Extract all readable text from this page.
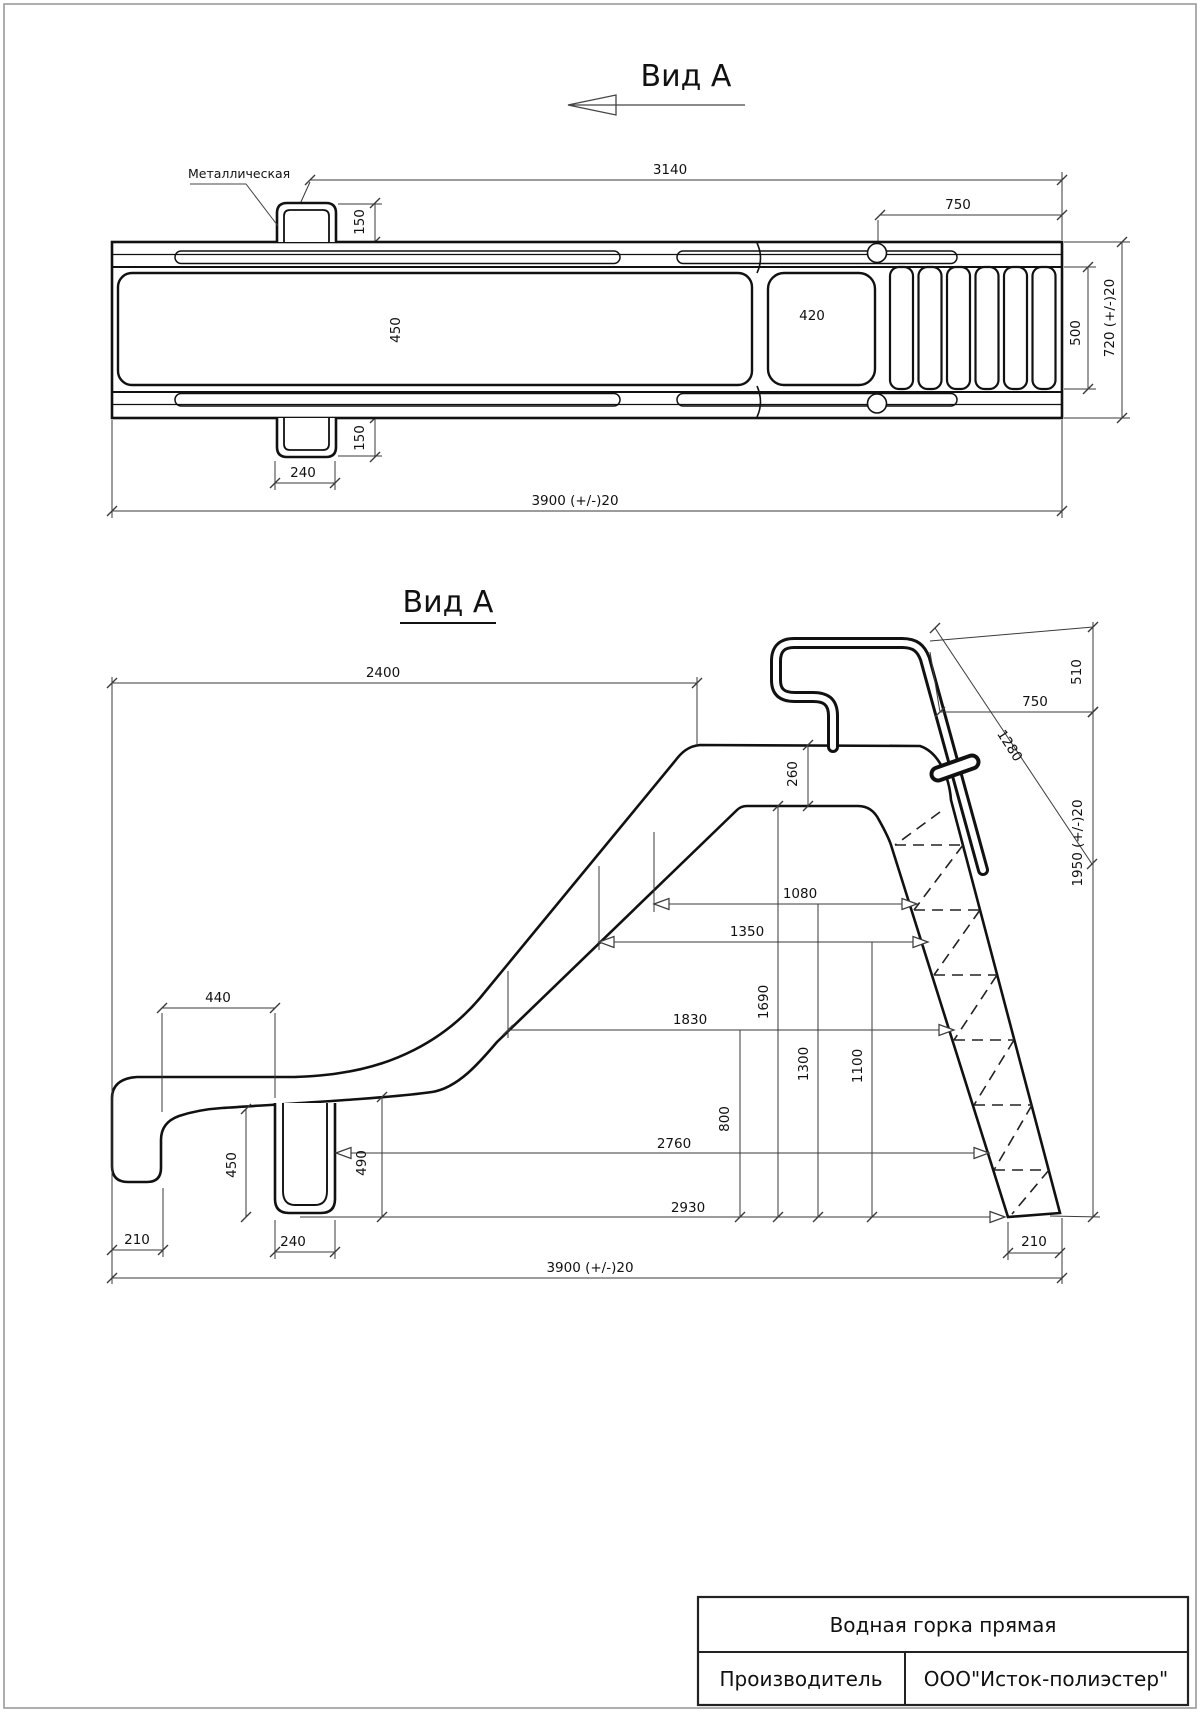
Вид А
Металлическая	3140
750
150
450
420
500 720 (+/-)20
150
240
3900 (+/-)20
Вид А
2400
750
510
1280
1950 (+/-)20
260
1080
1350
1830
1690
1300	1100
800
2760
2930
440
450	490
210	240	210
3900 (+/-)20
Водная горка прямая
Производитель ООО"Исток-полиэстер"
